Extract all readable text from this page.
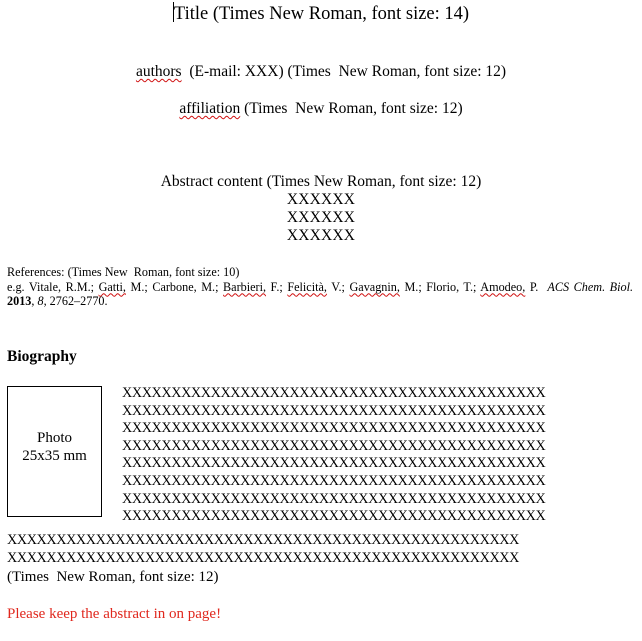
Title (Times New Roman, font size: 14)
authors  (E-mail: XXX) (Times  New Roman, font size: 12)
affiliation (Times  New Roman, font size: 12)
Abstract content (Times New Roman, font size: 12)
XXXXXX
XXXXXX
XXXXXX
References: (Times New  Roman, font size: 10)
e.g. Vitale, R.M.; Gatti, M.; Carbone, M.; Barbieri, F.; Felicità, V.; Gavagnin, M.; Florio, T.; Amodeo, P.  ACS Chem. Biol. 2013, 8, 2762–2770.
Biography
Photo
25x35 mm
XXXXXXXXXXXXXXXXXXXXXXXXXXXXXXXXXXXXXXXXXXX
XXXXXXXXXXXXXXXXXXXXXXXXXXXXXXXXXXXXXXXXXXX
XXXXXXXXXXXXXXXXXXXXXXXXXXXXXXXXXXXXXXXXXXX
XXXXXXXXXXXXXXXXXXXXXXXXXXXXXXXXXXXXXXXXXXX
XXXXXXXXXXXXXXXXXXXXXXXXXXXXXXXXXXXXXXXXXXX
XXXXXXXXXXXXXXXXXXXXXXXXXXXXXXXXXXXXXXXXXXX
XXXXXXXXXXXXXXXXXXXXXXXXXXXXXXXXXXXXXXXXXXX
XXXXXXXXXXXXXXXXXXXXXXXXXXXXXXXXXXXXXXXXXXX
XXXXXXXXXXXXXXXXXXXXXXXXXXXXXXXXXXXXXXXXXXXXXXXXXXXX
XXXXXXXXXXXXXXXXXXXXXXXXXXXXXXXXXXXXXXXXXXXXXXXXXXXX
(Times  New Roman, font size: 12)
Please keep the abstract in on page!
